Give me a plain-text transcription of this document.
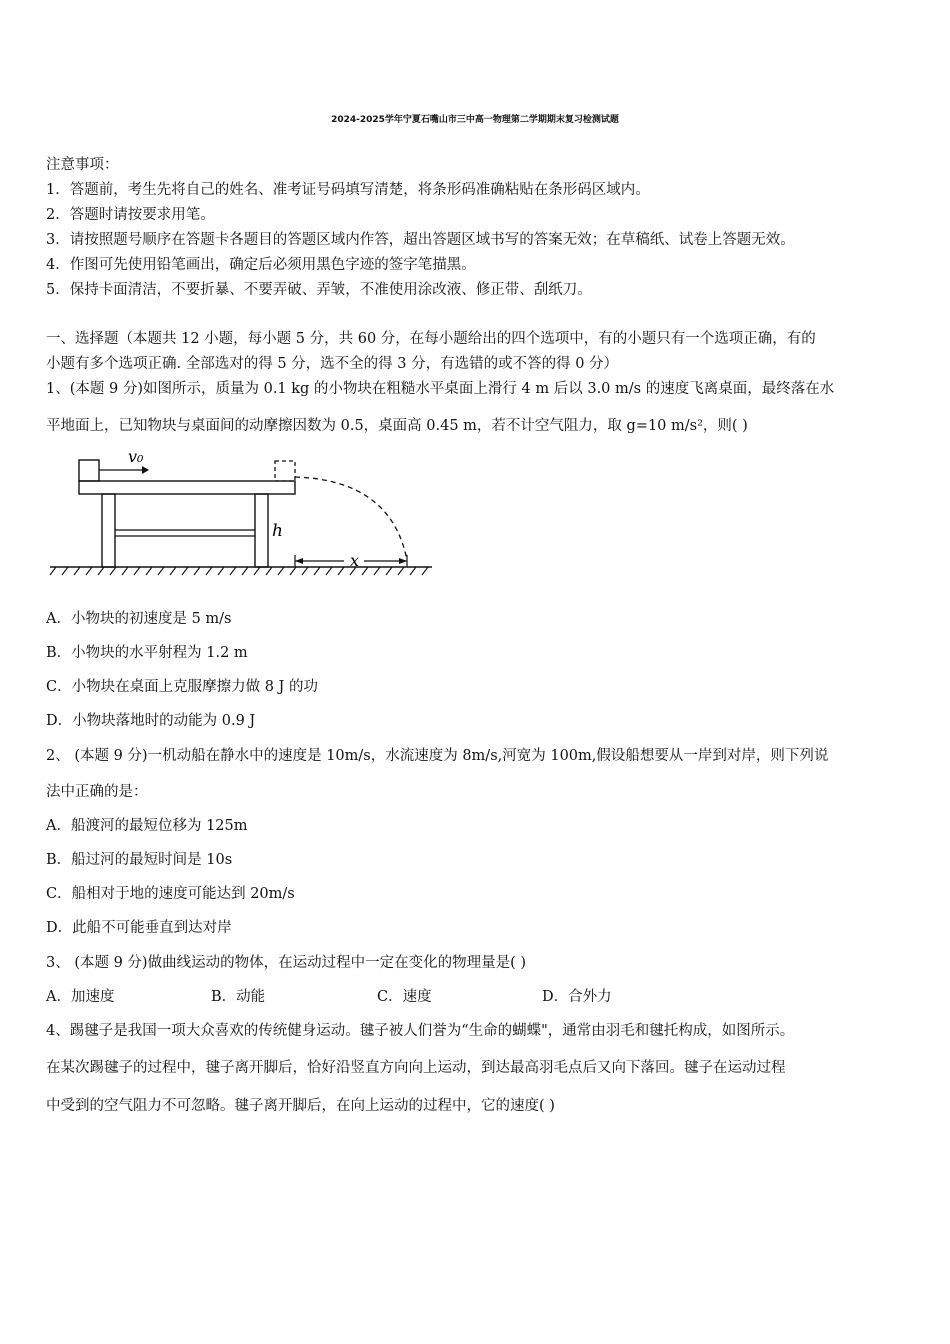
2024-2025学年宁夏石嘴山市三中高一物理第二学期期末复习检测试题
注意事项：
1．答题前，考生先将自己的姓名、准考证号码填写清楚，将条形码准确粘贴在条形码区域内。
2．答题时请按要求用笔。
3．请按照题号顺序在答题卡各题目的答题区域内作答，超出答题区域书写的答案无效；在草稿纸、试卷上答题无效。
4．作图可先使用铅笔画出，确定后必须用黑色字迹的签字笔描黑。
5．保持卡面清洁，不要折暴、不要弄破、弄皱，不准使用涂改液、修正带、刮纸刀。
一、选择题（本题共 12 小题，每小题 5 分，共 60 分，在每小题给出的四个选项中，有的小题只有一个选项正确，有的
小题有多个选项正确. 全部选对的得 5 分，选不全的得 3 分，有选错的或不答的得 0 分）
1、(本题 9 分)如图所示，质量为 0.1 kg 的小物块在粗糙水平桌面上滑行 4 m 后以 3.0 m/s 的速度飞离桌面，最终落在水
平地面上，已知物块与桌面间的动摩擦因数为 0.5，桌面高 0.45 m，若不计空气阻力，取 g=10 m/s²，则( )
v₀
h
x
A．小物块的初速度是 5 m/s
B．小物块的水平射程为 1.2 m
C．小物块在桌面上克服摩擦力做 8 J 的功
D．小物块落地时的动能为 0.9 J
2、 (本题 9 分)一机动船在静水中的速度是 10m/s，水流速度为 8m/s,河宽为 100m,假设船想要从一岸到对岸，则下列说
法中正确的是：
A．船渡河的最短位移为 125m
B．船过河的最短时间是 10s
C．船相对于地的速度可能达到 20m/s
D．此船不可能垂直到达对岸
3、 (本题 9 分)做曲线运动的物体，在运动过程中一定在变化的物理量是( )
A．加速度	B．动能	C．速度	D．合外力
4、踢毽子是我国一项大众喜欢的传统健身运动。毽子被人们誉为“生命的蝴蝶"，通常由羽毛和毽托构成，如图所示。
在某次踢毽子的过程中，毽子离开脚后，恰好沿竖直方向向上运动，到达最高羽毛点后又向下落回。毽子在运动过程
中受到的空气阻力不可忽略。毽子离开脚后，在向上运动的过程中，它的速度( )
